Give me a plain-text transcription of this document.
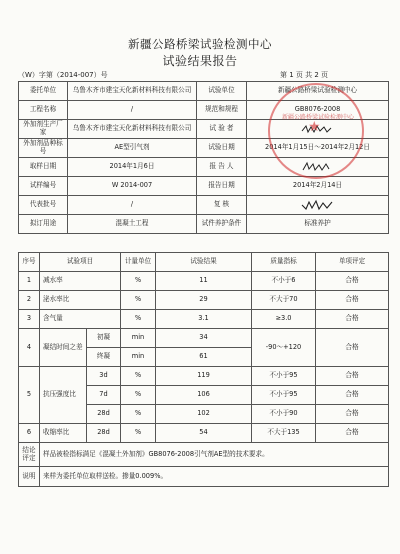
新疆公路桥梁试验检测中心
试验结果报告
（W）字第（2014-007）号	第 1 页 共 2 页
委托单位	乌鲁木齐市建宝天化新材料科技有限公司	试验单位	新疆公路桥梁试验检测中心
工程名称	/	规范和规程	GB8076-2008
外加剂生产厂家	乌鲁木齐市建宝天化新材料科技有限公司	试 验 者	
外加剂品种标号	AE型引气剂	试验日期	2014年1月15日～2014年2月12日
取样日期	2014年1月6日	报 告 人	
试样编号	W 2014-007	报告日期	2014年2月14日
代表批号	/	复 核	
拟订用途	混凝土工程	试件养护条件	标准养护
★
新疆公路桥梁试验检测中心
序号	试验项目		计量单位	试验结果	质量指标	单项评定
1	减水率		%	11	不小于6	合格
2	泌水率比		%	29	不大于70	合格
3	含气量		%	3.1	≥3.0	合格
4	凝结时间之差	初凝	min	34	-90～+120	合格
		终凝	min	61		
5	抗压强度比	3d	%	119	不小于95	合格
		7d	%	106	不小于95	合格
		28d	%	102	不小于90	合格
6	收缩率比	28d	%	54	不大于135	合格
结论评定	样品被检指标满足《混凝土外加剂》GB8076-2008引气剂AE型的技术要求。					
说明	来样为委托单位取样送检。掺量0.009%。					
